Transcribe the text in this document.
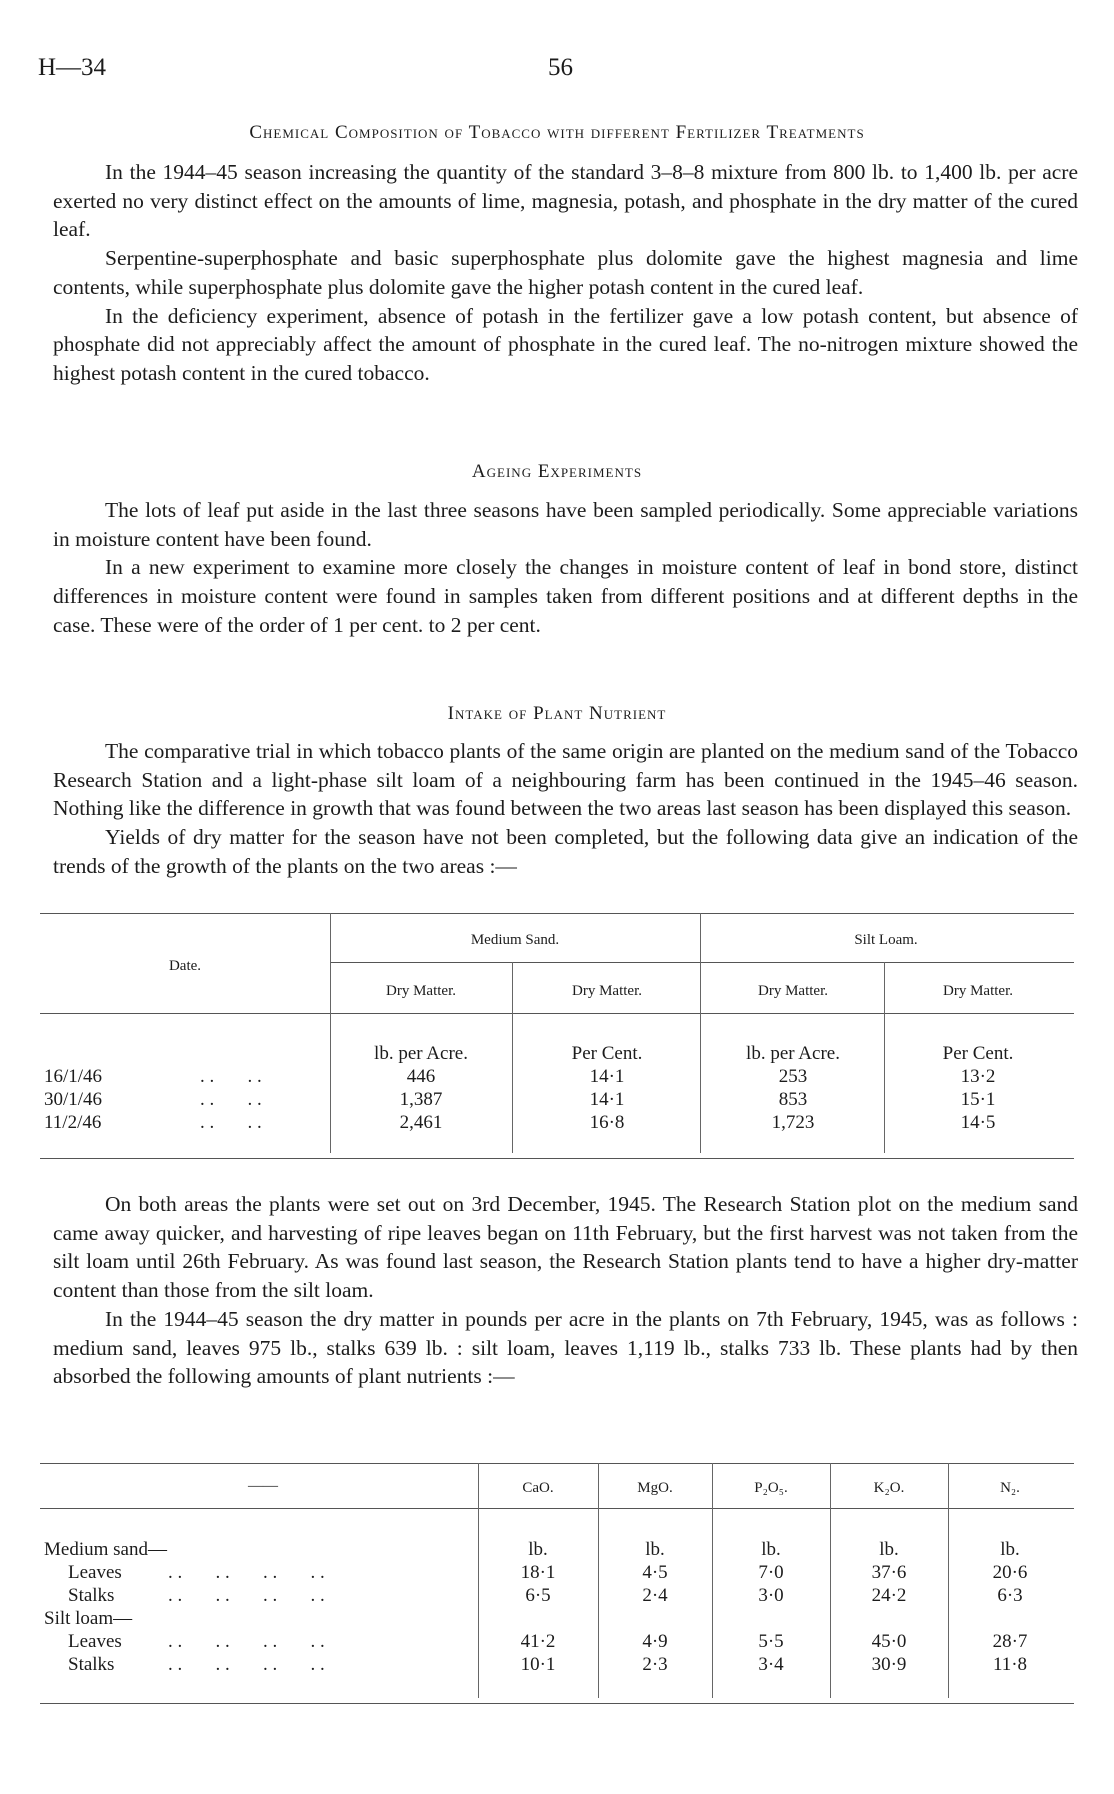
H—34	56
Chemical Composition of Tobacco with different Fertilizer Treatments

In the 1944–45 season increasing the quantity of the standard 3–8–8 mixture from 800 lb. to 1,400 lb. per acre exerted no very distinct effect on the amounts of lime, magnesia, potash, and phosphate in the dry matter of the cured leaf.

Serpentine-superphosphate and basic superphosphate plus dolomite gave the highest magnesia and lime contents, while superphosphate plus dolomite gave the higher potash content in the cured leaf.

In the deficiency experiment, absence of potash in the fertilizer gave a low potash content, but absence of phosphate did not appreciably affect the amount of phosphate in the cured leaf. The no-nitrogen mixture showed the highest potash content in the cured tobacco.

Ageing Experiments

The lots of leaf put aside in the last three seasons have been sampled periodically. Some appreciable variations in moisture content have been found.

In a new experiment to examine more closely the changes in moisture content of leaf in bond store, distinct differences in moisture content were found in samples taken from different positions and at different depths in the case. These were of the order of 1 per cent. to 2 per cent.

Intake of Plant Nutrient

The comparative trial in which tobacco plants of the same origin are planted on the medium sand of the Tobacco Research Station and a light-phase silt loam of a neighbouring farm has been continued in the 1945–46 season. Nothing like the difference in growth that was found between the two areas last season has been displayed this season.

Yields of dry matter for the season have not been completed, but the following data give an indication of the trends of the growth of the plants on the two areas :—

Date.
Medium Sand.	Silt Loam.
Dry Matter.	Dry Matter.	Dry Matter.	Dry Matter.
lb. per Acre.	Per Cent.	lb. per Acre.	Per Cent.
16/1/46	. .       . .	446	14·1	253	13·2
30/1/46	. .       . .	1,387	14·1	853	15·1
11/2/46	. .       . .	2,461	16·8	1,723	14·5

On both areas the plants were set out on 3rd December, 1945. The Research Station plot on the medium sand came away quicker, and harvesting of ripe leaves began on 11th February, but the first harvest was not taken from the silt loam until 26th February. As was found last season, the Research Station plants tend to have a higher dry-matter content than those from the silt loam.

In the 1944–45 season the dry matter in pounds per acre in the plants on 7th February, 1945, was as follows : medium sand, leaves 975 lb., stalks 639 lb. : silt loam, leaves 1,119 lb., stalks 733 lb. These plants had by then absorbed the following amounts of plant nutrients :—

——	CaO.	MgO.	P₂O₅.	K₂O.	N₂.
Medium sand—	lb.	lb.	lb.	lb.	lb.
Leaves . .       . .       . .       . .	18·1	4·5	7·0	37·6	20·6
Stalks	. .       . .       . .       . .	6·5	2·4	3·0	24·2	6·3
Silt loam—
Leaves . .       . .       . .       . .	41·2	4·9	5·5	45·0	28·7
Stalks	. .       . .       . .       . .	10·1	2·3	3·4	30·9	11·8
